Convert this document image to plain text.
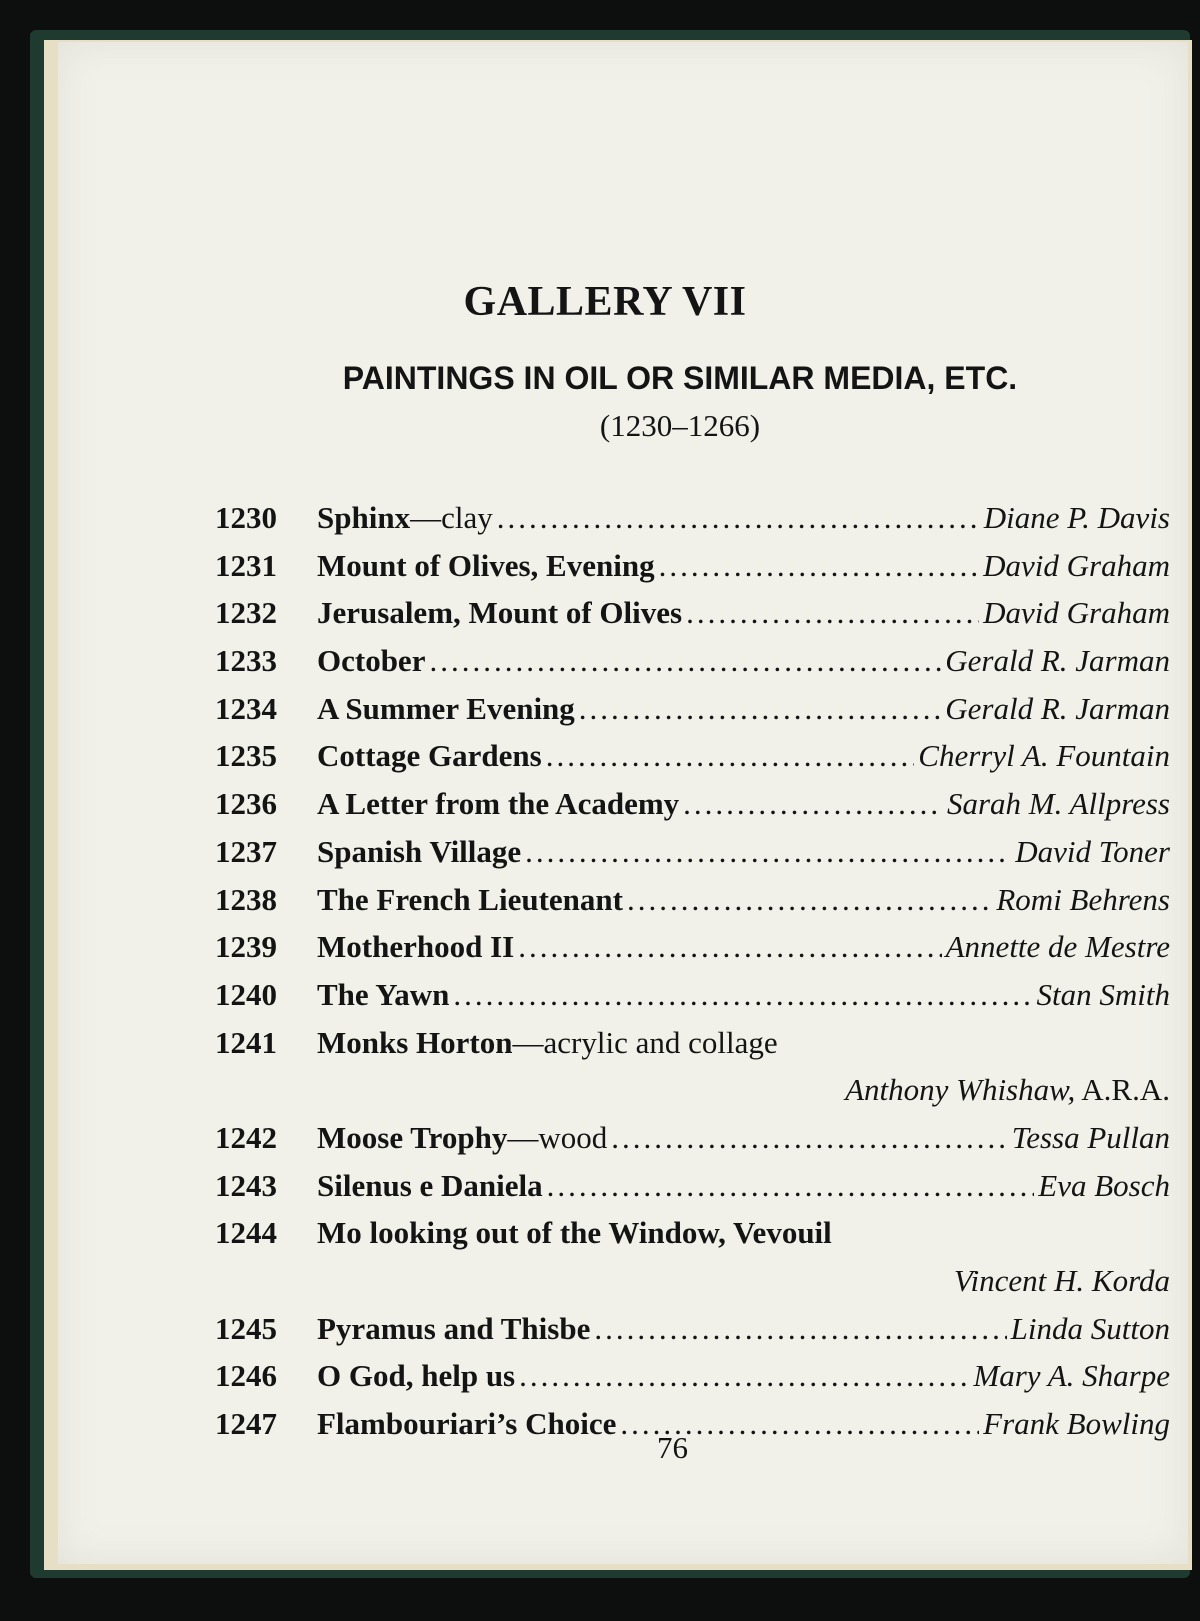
GALLERY VII
PAINTINGS IN OIL OR SIMILAR MEDIA, ETC.
(1230–1266)
1230	Sphinx—clay .....	Diane P. Davis
1231	Mount of Olives, Evening .....	David Graham
1232	Jerusalem, Mount of Olives .....	David Graham
1233	October .....	Gerald R. Jarman
1234	A Summer Evening .....	Gerald R. Jarman
1235	Cottage Gardens .....	Cherryl A. Fountain
1236	A Letter from the Academy .....	Sarah M. Allpress
1237	Spanish Village .....	David Toner
1238	The French Lieutenant .....	Romi Behrens
1239	Motherhood II .....	Annette de Mestre
1240	The Yawn .....	Stan Smith
1241	Monks Horton—acrylic and collage
Anthony Whishaw, A.R.A.
1242	Moose Trophy—wood .....	Tessa Pullan
1243	Silenus e Daniela .....	Eva Bosch
1244	Mo looking out of the Window, Vevouil
Vincent H. Korda
1245	Pyramus and Thisbe .....	Linda Sutton
1246	O God, help us .....	Mary A. Sharpe
1247	Flambouriari’s Choice .....	Frank Bowling
76
